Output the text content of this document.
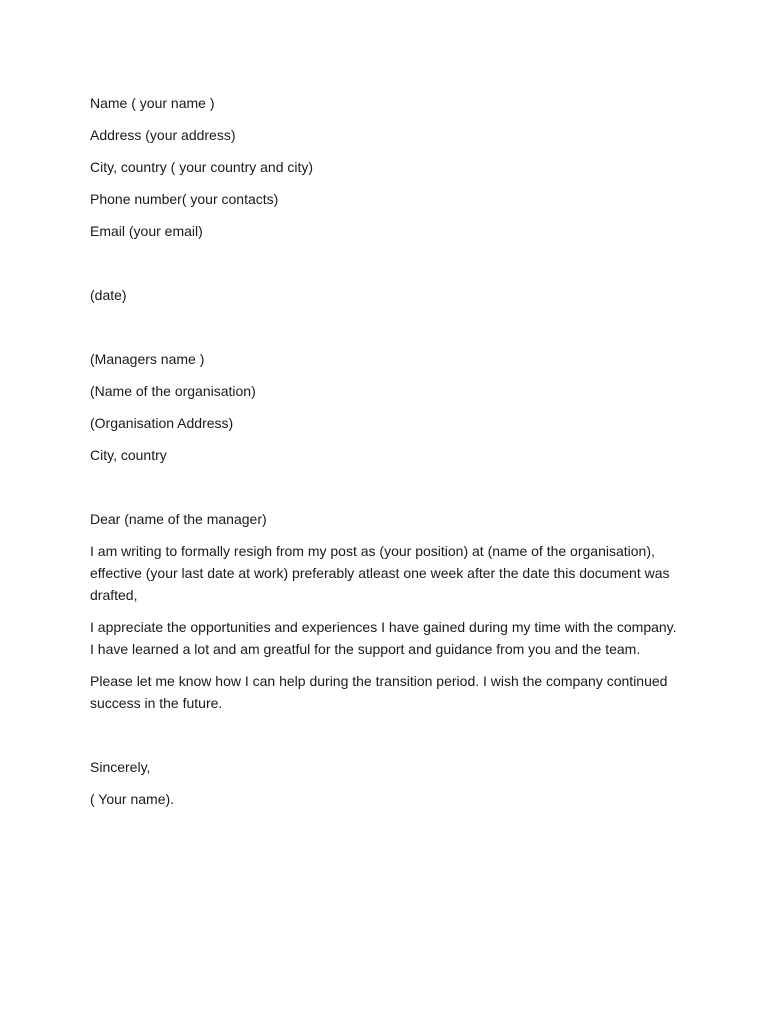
Name ( your name )
Address (your address)
City, country ( your country and city)
Phone number( your contacts)
Email (your email)
(date)
(Managers name )
(Name of the organisation)
(Organisation Address)
City, country
Dear (name of the manager)
I am writing to formally resigh from my post as (your position) at (name of the organisation), effective (your last date at work) preferably atleast one week after the date this document was drafted,
I appreciate the opportunities and experiences I have gained during my time with the company. I have learned a lot and am greatful for the support and guidance from you and the team.
Please let me know how I can help during the transition period. I wish the company continued success in the future.
Sincerely,
( Your name).
